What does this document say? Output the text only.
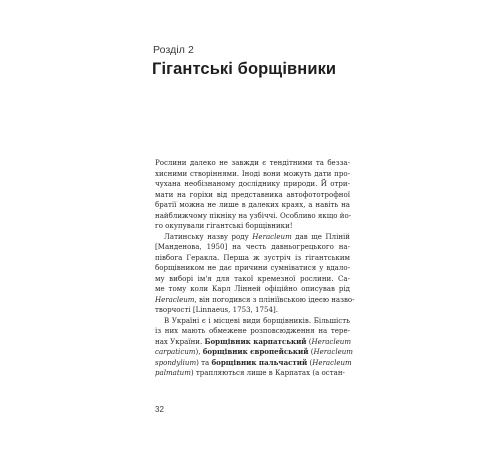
Розділ 2
Гігантські борщівники
Рослини далеко не завжди є тендітними та безза-
хисними створіннями. Іноді вони можуть дати про-
чухана необізнаному досліднику природи. Й отри-
мати на горіхи від представника автофототрофної
братії можна не лише в далеких краях, а навіть на
найближчому пікніку на узбіччі. Особливо якщо йо-
го окупували гігантські борщівники!
Латинську назву роду Heracleum дав ще Пліній
[Манденова, 1950] на честь давньогрецького на-
півбога Геракла. Перша ж зустріч із гігантським
борщівником не дає причини сумніватися у вдало-
му виборі ім'я для такої кремезної рослини. Са-
ме тому коли Карл Лінней офіційно описував рід
Heracleum, він погодився з плініївською ідеєю назво-
творчості [Linnaeus, 1753, 1754].
В Україні є і місцеві види борщівників. Більшість
із них мають обмежене розповсюдження на тере-
нах України. Борщівник карпатський (Heracleum
carpaticum), борщівник європейський (Heracleum
spondylium) та борщівник пальчастий (Heracleum
palmatum) трапляються лише в Карпатах (а остан-
32
